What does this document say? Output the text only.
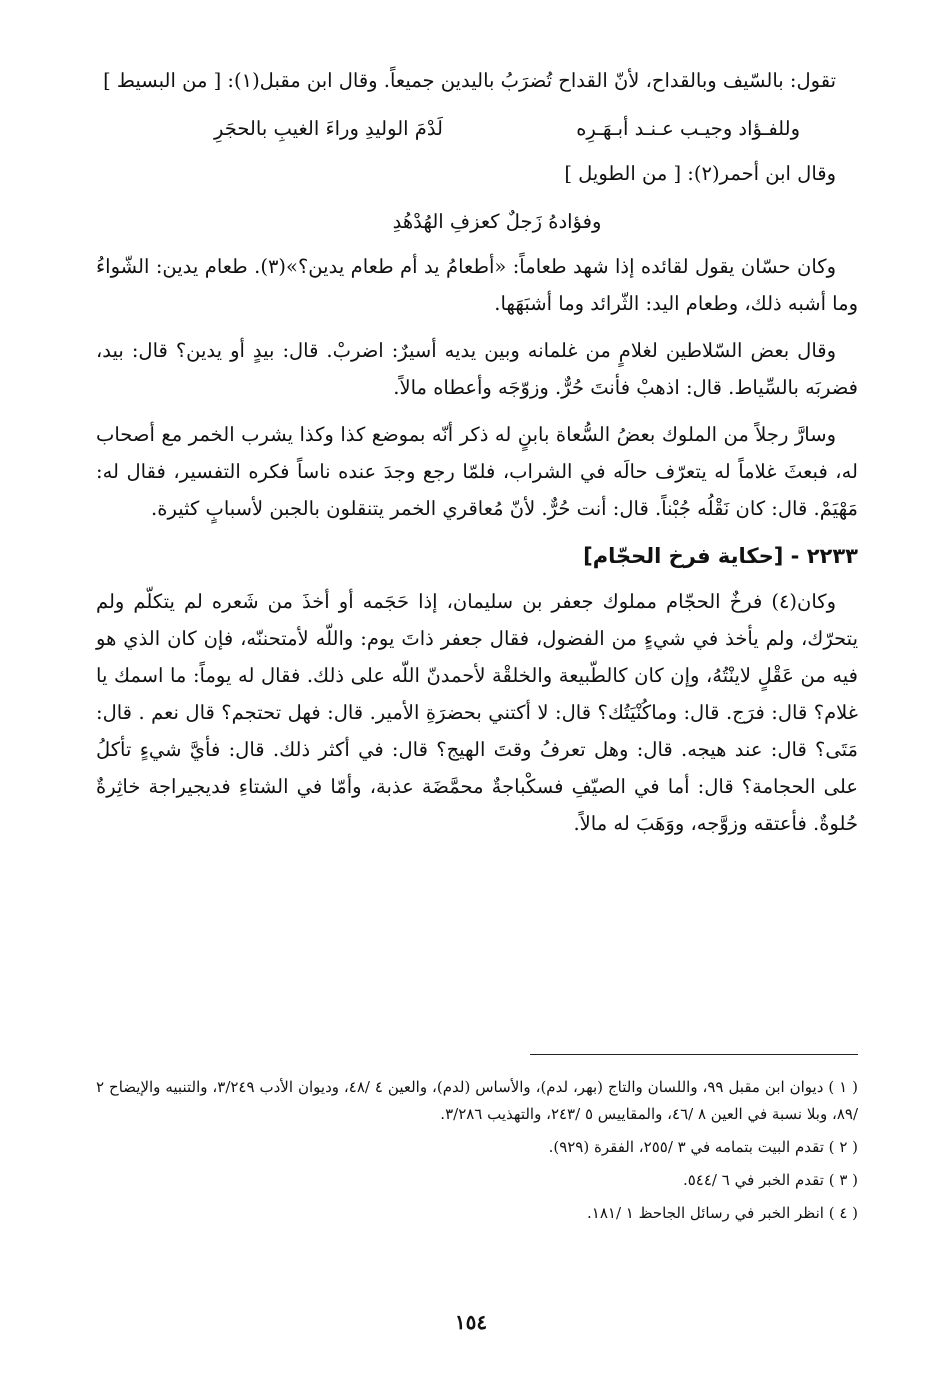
تقول: بالسّيف وبالقداح، لأنّ القداح تُضرَبُ باليدين جميعاً. وقال ابن مقبل(١): [ من البسيط ]

وللفـؤاد وجيـب عـنـد أبـهَـرِه
لَدْمَ الوليدِ وراءَ الغيبِ بالحجَرِ

وقال ابن أحمر(٢): [ من الطويل ]

وفؤادهُ زَجلٌ كعزفِ الهُدْهُدِ

وكان حسّان يقول لقائده إذا شهد طعاماً: «أطعامُ يد أم طعام يدين؟»(٣). طعام يدين: الشّواءُ وما أشبه ذلك، وطعام اليد: الثّرائد وما أشبَهَها.

وقال بعض السّلاطين لغلامٍ من غلمانه وبين يديه أسيرٌ: اضربْ. قال: بيدٍ أو يدين؟ قال: بيد، فضربَه بالسِّياط. قال: اذهبْ فأنتَ حُرٌّ. وزوّجَه وأعطاه مالاً.

وسارَّ رجلاً من الملوك بعضُ السُّعاة بابنٍ له ذكر أنّه بموضع كذا وكذا يشرب الخمر مع أصحاب له، فبعثَ غلاماً له يتعرّف حالَه في الشراب، فلمّا رجع وجدَ عنده ناساً فكره التفسير، فقال له: مَهْيَمْ. قال: كان نَقْلُه جُبْناً. قال: أنت حُرٌّ. لأنّ مُعاقري الخمر يتنقلون بالجبن لأسبابٍ كثيرة.

٢٢٣٣ - [حكاية فرخ الحجّام]

وكان(٤) فرخٌ الحجّام مملوك جعفر بن سليمان، إذا حَجَمه أو أخذَ من شَعره لم يتكلّم ولم يتحرّك، ولم يأخذ في شيءٍ من الفضول، فقال جعفر ذاتَ يوم: واللّه لأمتحننّه، فإن كان الذي هو فيه من عَقْلٍ لاينْتُهُ، وإن كان كالطّبيعة والخلقْة لأحمدنّ اللّه على ذلك. فقال له يوماً: ما اسمك يا غلام؟ قال: فرَج. قال: وماكُنْيَتُك؟ قال: لا أكتني بحضرَةِ الأمير. قال: فهل تحتجم؟ قال نعم . قال: مَتَى؟ قال: عند هيجه. قال: وهل تعرفُ وقتَ الهيج؟ قال: في أكثر ذلك. قال: فأيَّ شيءٍ تأكلُ على الحجامة؟ قال: أما في الصيّفِ فسكْباجةٌ محمَّضَة عذبة، وأمّا في الشتاءِ فديجيراجة خاثِرةٌ حُلوةٌ. فأعتقه وزوَّجه، ووَهَبَ له مالاً.

( ١ ) ديوان ابن مقبل ٩٩، واللسان والتاج (بهر، لدم)، والأساس (لدم)، والعين ٤ /٤٨، وديوان الأدب ٣/٢٤٩، والتنبيه والإيضاح ٢ /٨٩، وبلا نسبة في العين ٨ /٤٦، والمقاييس ٥ /٢٤٣، والتهذيب ٣/٢٨٦.

( ٢ ) تقدم البيت بتمامه في ٣ /٢٥٥، الفقرة (٩٢٩).

( ٣ ) تقدم الخبر في ٦ /٥٤٤.

( ٤ ) انظر الخبر في رسائل الجاحظ ١ /١٨١.

١٥٤
